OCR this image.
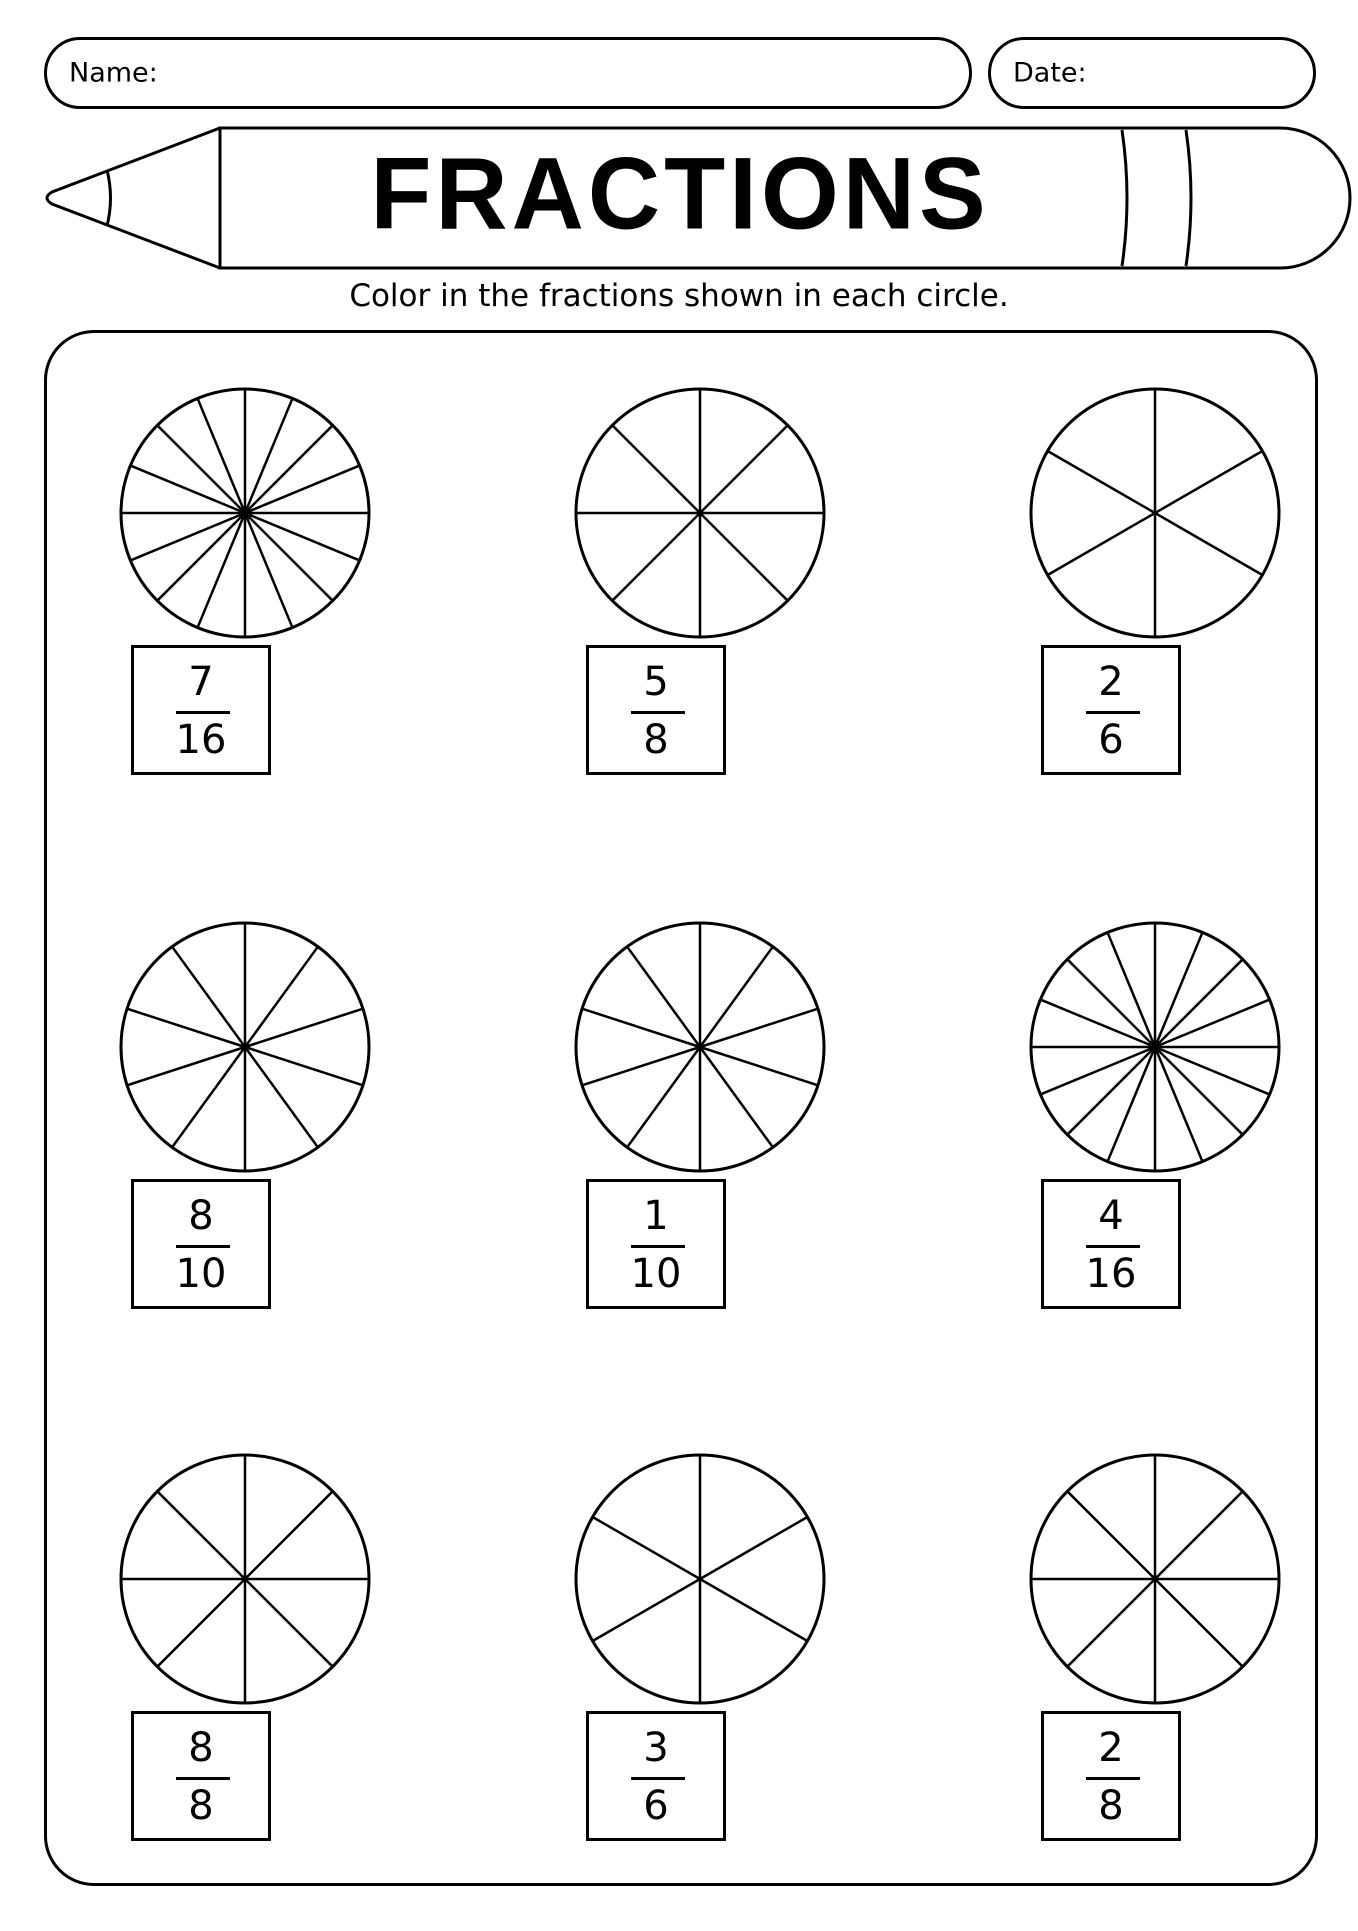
Name:	Date:
FRACTIONS
Color in the fractions shown in each circle.
7
16
5
8
2
6
8
10
1
10
4
16
8
8
3
6
2
8
